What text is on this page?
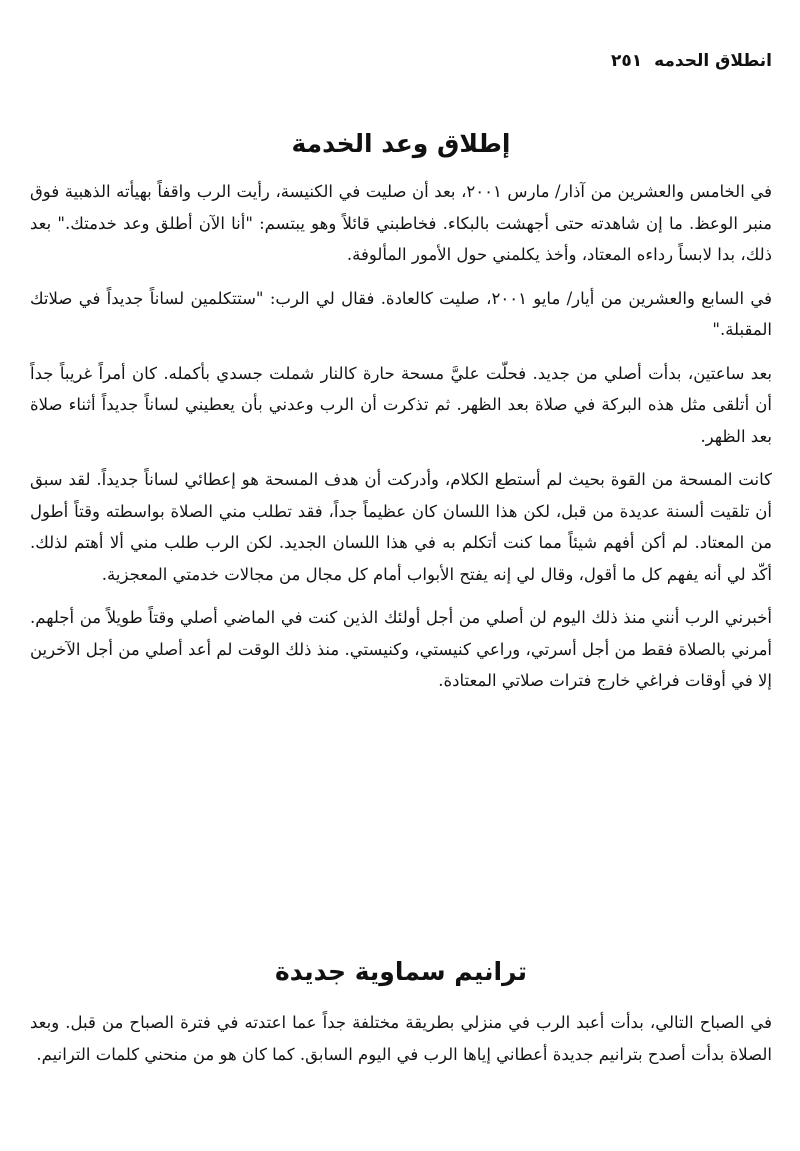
انطلاق الحدمه ٢٥١
إطلاق وعد الخدمة

في الخامس والعشرين من آذار/ مارس ٢٠٠١، بعد أن صليت في الكنيسة، رأيت الرب واقفاً بهيأته الذهبية فوق منبر الوعظ. ما إن شاهدته حتى أجهشت بالبكاء. فخاطبني قائلاً وهو يبتسم: "أنا الآن أطلق وعد خدمتك." بعد ذلك، بدا لابساً رداءه المعتاد، وأخذ يكلمني حول الأمور المألوفة.

في السابع والعشرين من أيار/ مايو ٢٠٠١، صليت كالعادة. فقال لي الرب: "ستتكلمين لساناً جديداً في صلاتك المقبلة."

بعد ساعتين، بدأت أصلي من جديد. فحلّت عليَّ مسحة حارة كالنار شملت جسدي بأكمله. كان أمراً غريباً جداً أن أتلقى مثل هذه البركة في صلاة بعد الظهر. ثم تذكرت أن الرب وعدني بأن يعطيني لساناً جديداً أثناء صلاة بعد الظهر.

كانت المسحة من القوة بحيث لم أستطع الكلام، وأدركت أن هدف المسحة هو إعطائي لساناً جديداً. لقد سبق أن تلقيت ألسنة عديدة من قبل، لكن هذا اللسان كان عظيماً جداً، فقد تطلب مني الصلاة بواسطته وقتاً أطول من المعتاد. لم أكن أفهم شيئاً مما كنت أتكلم به في هذا اللسان الجديد. لكن الرب طلب مني ألا أهتم لذلك. أكّد لي أنه يفهم كل ما أقول، وقال لي إنه يفتح الأبواب أمام كل مجال من مجالات خدمتي المعجزية.

أخبرني الرب أنني منذ ذلك اليوم لن أصلي من أجل أولئك الذين كنت في الماضي أصلي وقتاً طويلاً من أجلهم. أمرني بالصلاة فقط من أجل أسرتي، وراعي كنيستي، وكنيستي. منذ ذلك الوقت لم أعد أصلي من أجل الآخرين إلا في أوقات فراغي خارج فترات صلاتي المعتادة.

ترانيم سماوية جديدة

في الصباح التالي، بدأت أعبد الرب في منزلي بطريقة مختلفة جداً عما اعتدته في فترة الصباح من قبل. وبعد الصلاة بدأت أصدح بترانيم جديدة أعطاني إياها الرب في اليوم السابق. كما كان هو من منحني كلمات الترانيم.
